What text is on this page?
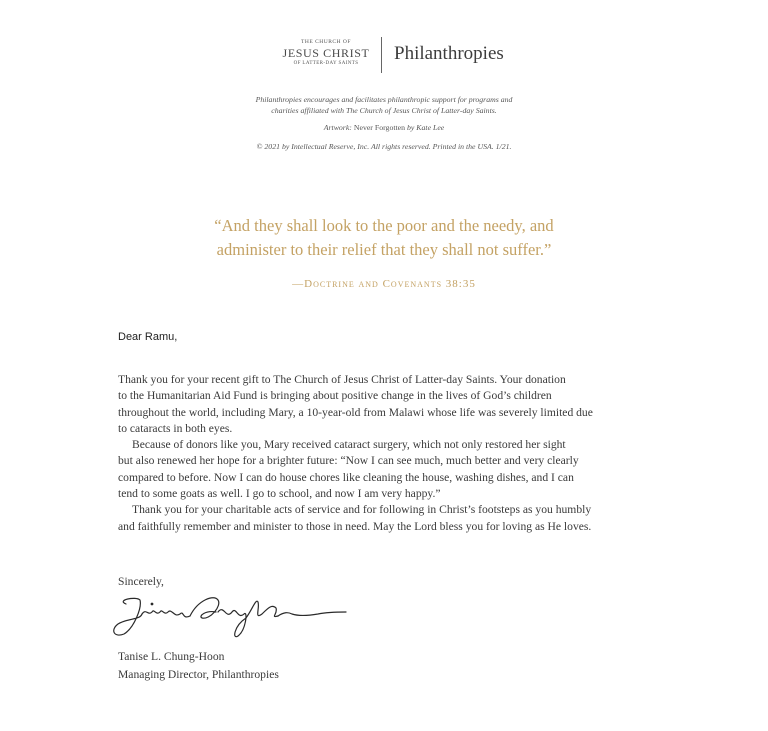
THE CHURCH OF
JESUS CHRIST
OF LATTER-DAY SAINTS	Philanthropies
Philanthropies encourages and facilitates philanthropic support for programs and
charities affiliated with The Church of Jesus Christ of Latter-day Saints.
Artwork: Never Forgotten by Kate Lee
© 2021 by Intellectual Reserve, Inc. All rights reserved. Printed in the USA. 1/21.
“And they shall look to the poor and the needy, and
administer to their relief that they shall not suffer.”
—Doctrine and Covenants 38:35
Dear Ramu,

Thank you for your recent gift to The Church of Jesus Christ of Latter-day Saints. Your donation
to the Humanitarian Aid Fund is bringing about positive change in the lives of God’s children
throughout the world, including Mary, a 10-year-old from Malawi whose life was severely limited due
to cataracts in both eyes.

Because of donors like you, Mary received cataract surgery, which not only restored her sight
but also renewed her hope for a brighter future: “Now I can see much, much better and very clearly
compared to before. Now I can do house chores like cleaning the house, washing dishes, and I can
tend to some goats as well. I go to school, and now I am very happy.”

Thank you for your charitable acts of service and for following in Christ’s footsteps as you humbly
and faithfully remember and minister to those in need. May the Lord bless you for loving as He loves.

Sincerely,
Tanise L. Chung-Hoon
Managing Director, Philanthropies
